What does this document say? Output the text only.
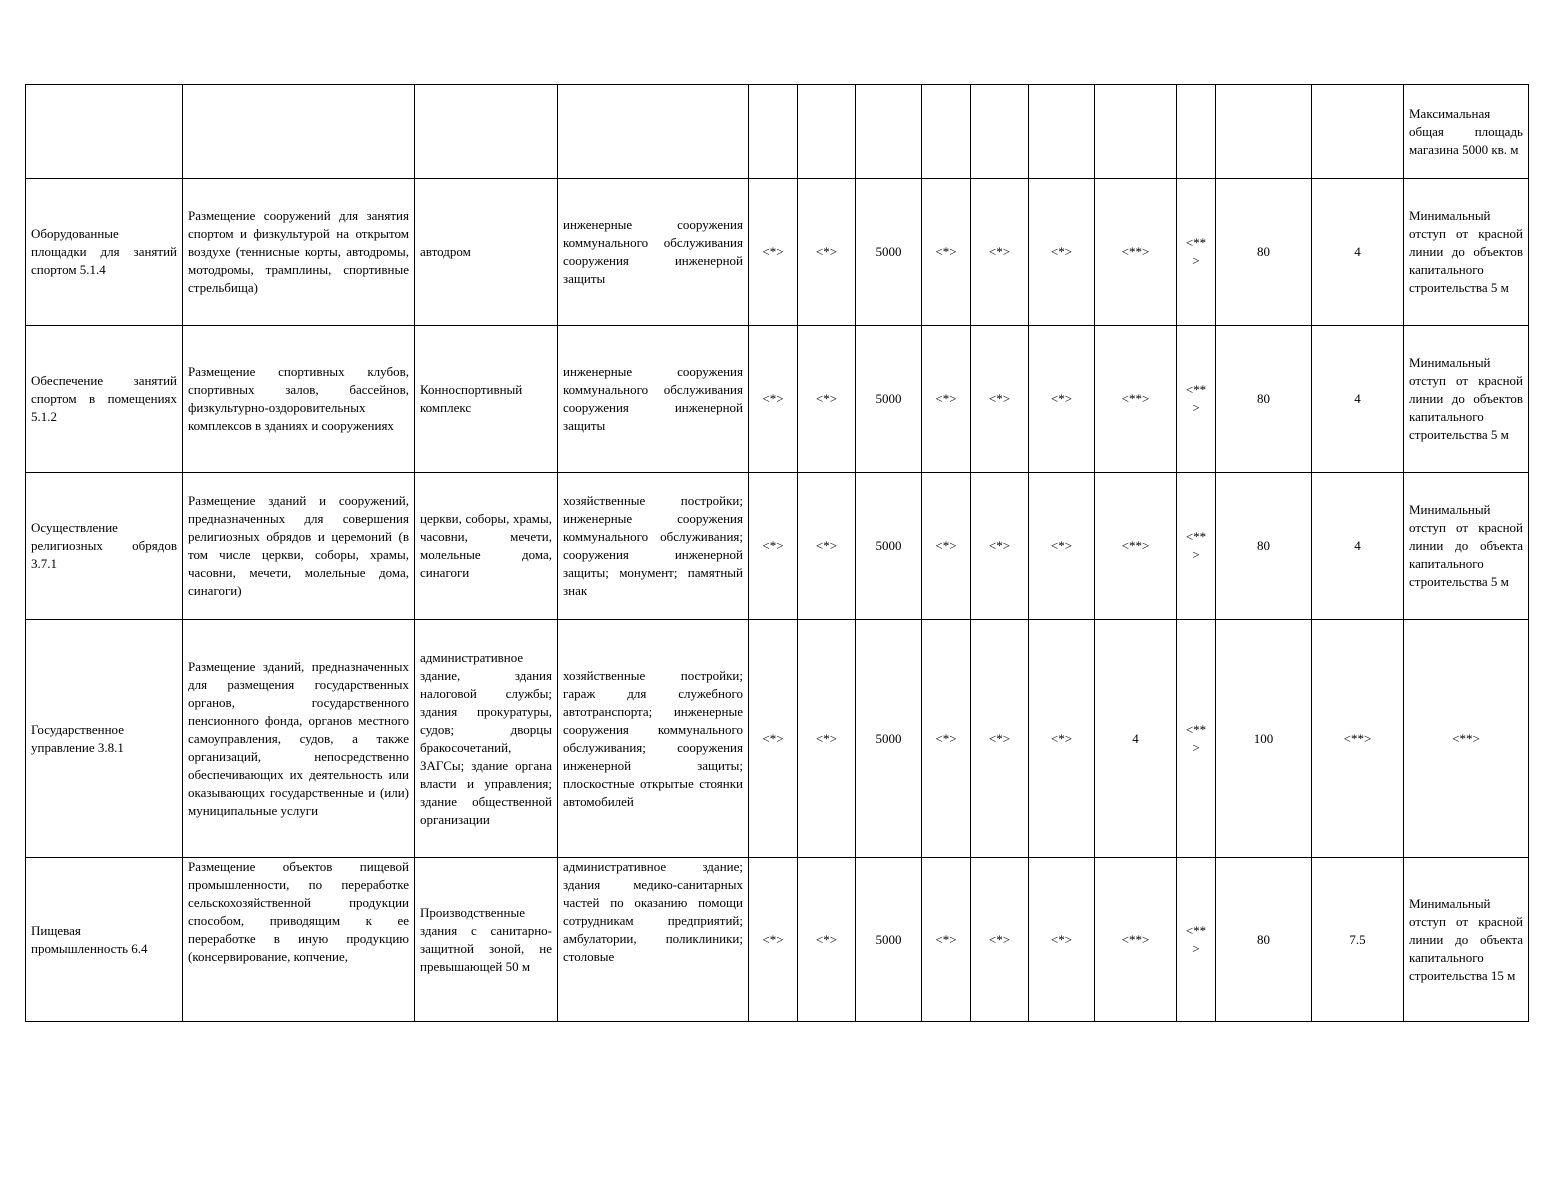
														Максимальная общая площадь магазина 5000 кв. м

Оборудованные площадки для занятий спортом 5.1.4	Размещение сооружений для занятия спортом и физкультурой на открытом воздухе (теннисные корты, автодромы, мотодромы, трамплины, спортивные стрельбища)	автодром	инженерные сооружения коммунального обслуживания сооружения инженерной защиты	<*>	<*>	5000	<*>	<*>	<*>	<**>	<**
>	80	4	Минимальный отступ от красной линии до объектов капитального строительства 5 м

Обеспечение занятий спортом в помещениях 5.1.2	Размещение спортивных клубов, спортивных залов, бассейнов, физкультурно-оздоровительных комплексов в зданиях и сооружениях	Конноспортивный комплекс	инженерные сооружения коммунального обслуживания сооружения инженерной защиты	<*>	<*>	5000	<*>	<*>	<*>	<**>	<**
>	80	4	Минимальный отступ от красной линии до объектов капитального строительства 5 м

Осуществление религиозных обрядов 3.7.1	Размещение зданий и сооружений, предназначенных для совершения религиозных обрядов и церемоний (в том числе церкви, соборы, храмы, часовни, мечети, молельные дома, синагоги)	церкви, соборы, храмы, часовни, мечети, молельные дома, синагоги	хозяйственные постройки; инженерные сооружения коммунального обслуживания; сооружения инженерной защиты; монумент; памятный знак	<*>	<*>	5000	<*>	<*>	<*>	<**>	<**
>	80	4	Минимальный отступ от красной линии до объекта капитального строительства 5 м

Государственное управление 3.8.1	Размещение зданий, предназначенных для размещения государственных органов, государственного пенсионного фонда, органов местного самоуправления, судов, а также организаций, непосредственно обеспечивающих их деятельность или оказывающих государственные и (или) муниципальные услуги	административное здание, здания налоговой службы; здания прокуратуры, судов; дворцы бракосочетаний, ЗАГСы; здание органа власти и управления; здание общественной организации	хозяйственные постройки; гараж для служебного автотранспорта; инженерные сооружения коммунального обслуживания; сооружения инженерной защиты; плоскостные открытые стоянки автомобилей	<*>	<*>	5000	<*>	<*>	<*>	4	<**
>	100	<**>	<**>

Пищевая промышленность 6.4	Размещение объектов пищевой промышленности, по переработке сельскохозяйственной продукции способом, приводящим к ее переработке в иную продукцию (консервирование, копчение,	Производственные здания с санитарно-защитной зоной, не превышающей 50 м	административное здание; здания медико-санитарных частей по оказанию помощи сотрудникам предприятий; амбулатории, поликлиники; столовые	<*>	<*>	5000	<*>	<*>	<*>	<**>	<**
>	80	7.5	Минимальный отступ от красной линии до объекта капитального строительства 15 м
